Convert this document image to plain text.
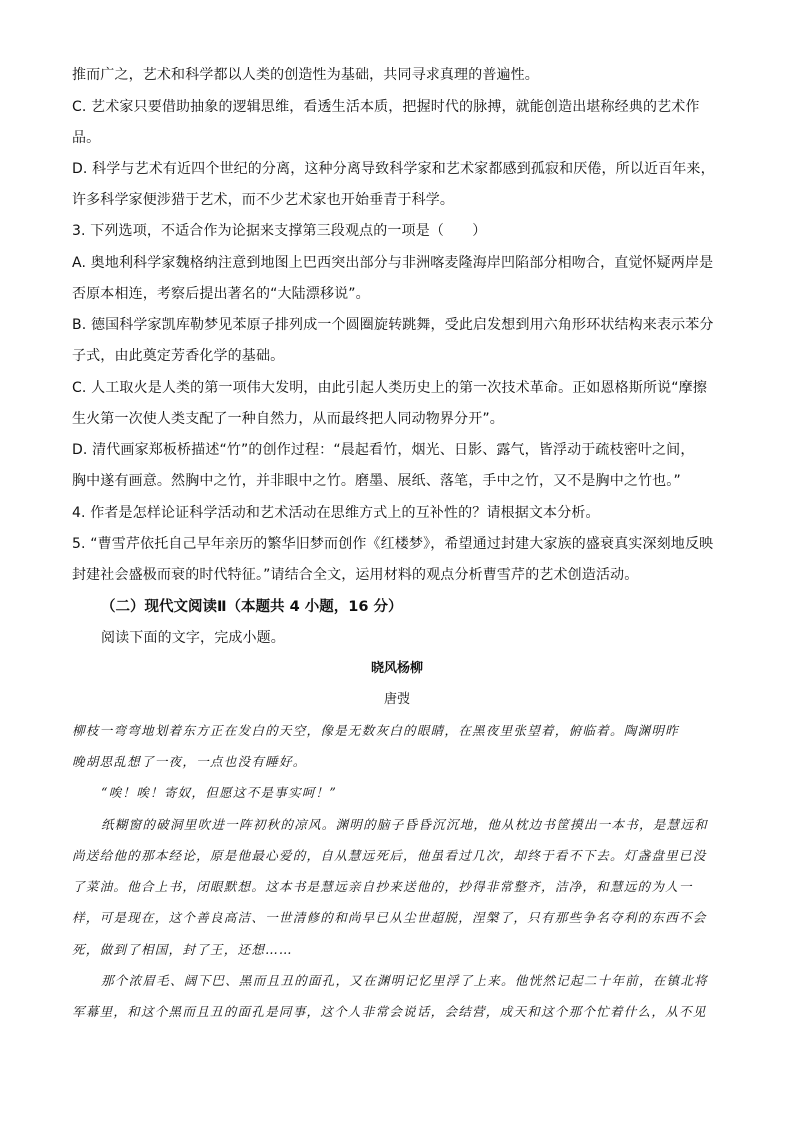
推而广之，艺术和科学都以人类的创造性为基础，共同寻求真理的普遍性。
C. 艺术家只要借助抽象的逻辑思维，看透生活本质，把握时代的脉搏，就能创造出堪称经典的艺术作
品。
D. 科学与艺术有近四个世纪的分离，这种分离导致科学家和艺术家都感到孤寂和厌倦，所以近百年来，
许多科学家便涉猎于艺术，而不少艺术家也开始垂青于科学。
3. 下列选项，不适合作为论据来支撑第三段观点的一项是（　　）
A. 奥地利科学家魏格纳注意到地图上巴西突出部分与非洲喀麦隆海岸凹陷部分相吻合，直觉怀疑两岸是
否原本相连，考察后提出著名的“大陆漂移说”。
B. 德国科学家凯库勒梦见苯原子排列成一个圆圈旋转跳舞，受此启发想到用六角形环状结构来表示苯分
子式，由此奠定芳香化学的基础。
C. 人工取火是人类的第一项伟大发明，由此引起人类历史上的第一次技术革命。正如恩格斯所说“摩擦
生火第一次使人类支配了一种自然力，从而最终把人同动物界分开”。
D. 清代画家郑板桥描述“竹”的创作过程：“晨起看竹，烟光、日影、露气，皆浮动于疏枝密叶之间，
胸中遂有画意。然胸中之竹，并非眼中之竹。磨墨、展纸、落笔，手中之竹，又不是胸中之竹也。”
4. 作者是怎样论证科学活动和艺术活动在思维方式上的互补性的？请根据文本分析。
5. “曹雪芹依托自己早年亲历的繁华旧梦而创作《红楼梦》，希望通过封建大家族的盛衰真实深刻地反映
封建社会盛极而衰的时代特征。”请结合全文，运用材料的观点分析曹雪芹的艺术创造活动。
（二）现代文阅读Ⅱ（本题共 4 小题，16 分）
阅读下面的文字，完成小题。
晓风杨柳
唐弢
柳枝一弯弯地划着东方正在发白的天空，像是无数灰白的眼睛，在黑夜里张望着，俯临着。陶渊明昨
晚胡思乱想了一夜，一点也没有睡好。
“唉！唉！寄奴，但愿这不是事实呵！”
纸糊窗的破洞里吹进一阵初秋的凉风。渊明的脑子昏昏沉沉地，他从枕边书筐摸出一本书，是慧远和
尚送给他的那本经论，原是他最心爱的，自从慧远死后，他虽看过几次，却终于看不下去。灯盏盘里已没
了菜油。他合上书，闭眼默想。这本书是慧远亲自抄来送他的，抄得非常整齐，洁净，和慧远的为人一
样，可是现在，这个善良高洁、一世清修的和尚早已从尘世超脱，涅槃了，只有那些争名夺利的东西不会
死，做到了相国，封了王，还想……
那个浓眉毛、阔下巴、黑而且丑的面孔，又在渊明记忆里浮了上来。他恍然记起二十年前，在镇北将
军幕里，和这个黑而且丑的面孔是同事，这个人非常会说话，会结营，成天和这个那个忙着什么，从不见
